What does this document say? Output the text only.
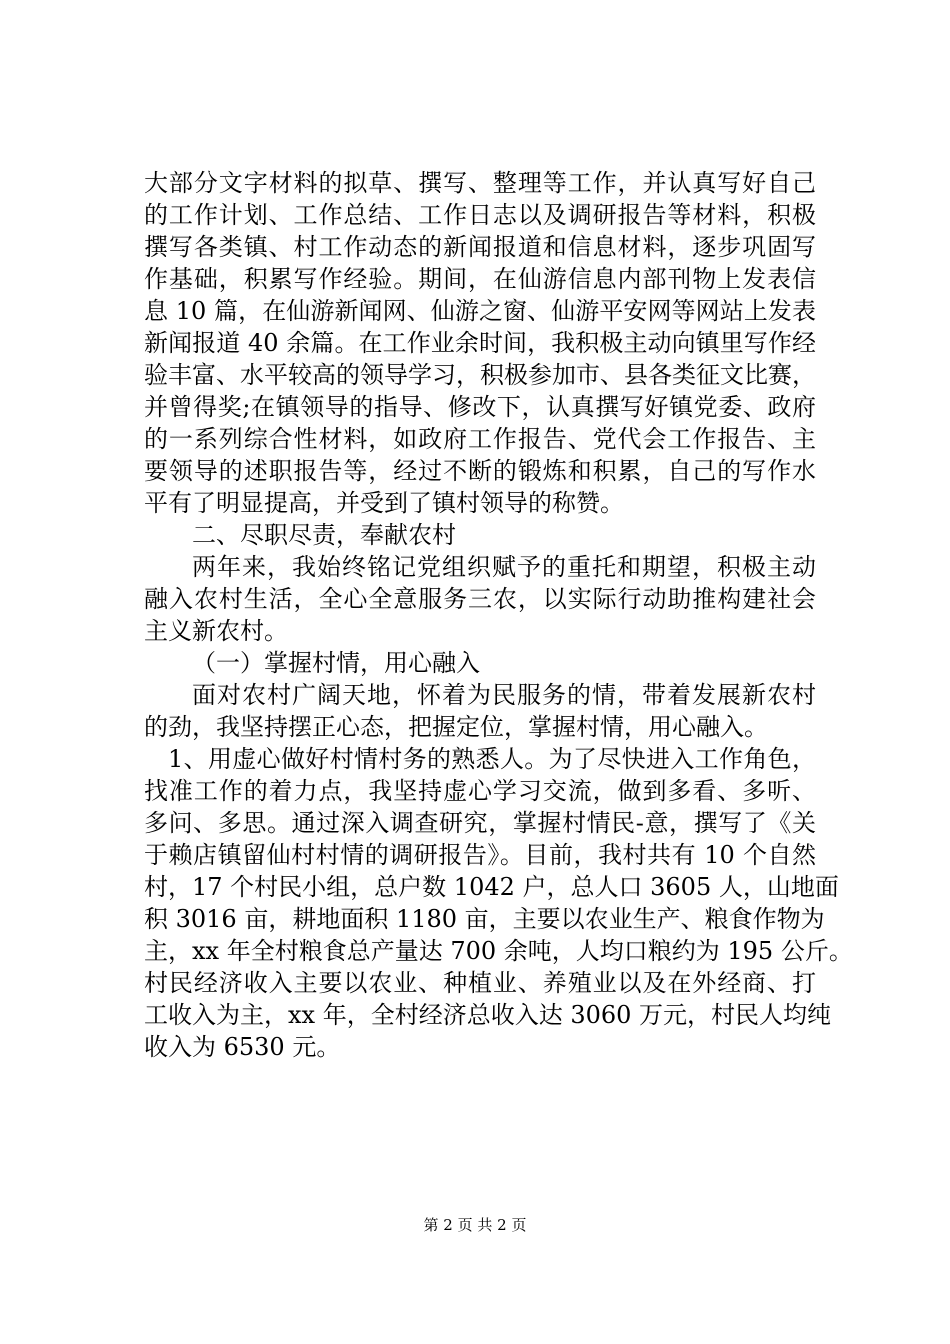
大部分文字材料的拟草、撰写、整理等工作，并认真写好自己
的工作计划、工作总结、工作日志以及调研报告等材料，积极
撰写各类镇、村工作动态的新闻报道和信息材料，逐步巩固写
作基础，积累写作经验。期间，在仙游信息内部刊物上发表信
息 10 篇，在仙游新闻网、仙游之窗、仙游平安网等网站上发表
新闻报道 40 余篇。在工作业余时间，我积极主动向镇里写作经
验丰富、水平较高的领导学习，积极参加市、县各类征文比赛，
并曾得奖;在镇领导的指导、修改下，认真撰写好镇党委、政府
的一系列综合性材料，如政府工作报告、党代会工作报告、主
要领导的述职报告等，经过不断的锻炼和积累，自己的写作水
平有了明显提高，并受到了镇村领导的称赞。
二、尽职尽责，奉献农村
两年来，我始终铭记党组织赋予的重托和期望，积极主动
融入农村生活，全心全意服务三农，以实际行动助推构建社会
主义新农村。
（一）掌握村情，用心融入
面对农村广阔天地，怀着为民服务的情，带着发展新农村
的劲，我坚持摆正心态，把握定位，掌握村情，用心融入。
1、用虚心做好村情村务的熟悉人。为了尽快进入工作角色，
找准工作的着力点，我坚持虚心学习交流，做到多看、多听、
多问、多思。通过深入调查研究，掌握村情民-意，撰写了《关
于赖店镇留仙村村情的调研报告》。目前，我村共有 10 个自然
村，17 个村民小组，总户数 1042 户，总人口 3605 人，山地面
积 3016 亩，耕地面积 1180 亩，主要以农业生产、粮食作物为
主，xx 年全村粮食总产量达 700 余吨，人均口粮约为 195 公斤。
村民经济收入主要以农业、种植业、养殖业以及在外经商、打
工收入为主，xx 年，全村经济总收入达 3060 万元，村民人均纯
收入为 6530 元。
第 2 页 共 2 页
